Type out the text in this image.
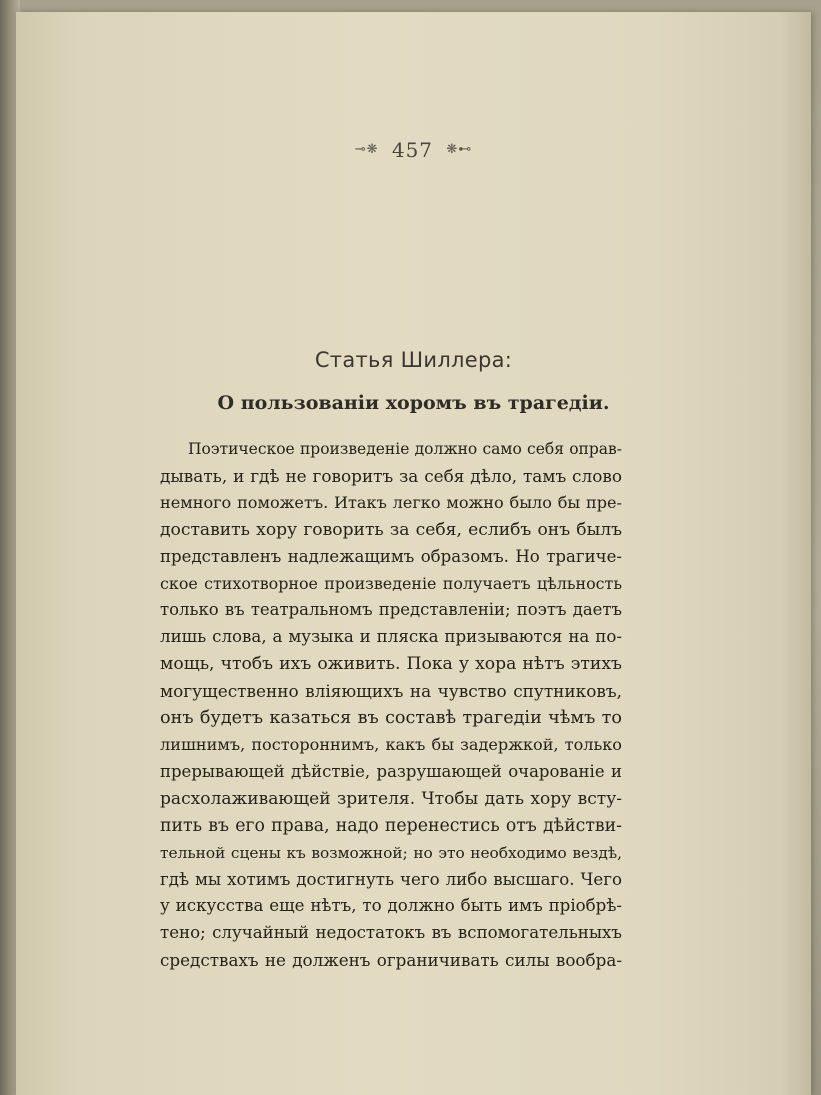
⊸❋ 457 ❋⊷
Статья Шиллера:
О пользованіи хоромъ въ трагедіи.
Поэтическое произведеніе должно само себя оправ-
дывать, и гдѣ не говоритъ за себя дѣло, тамъ слово
немного поможетъ. Итакъ легко можно было бы пре-
доставить хору говорить за себя, еслибъ онъ былъ
представленъ надлежащимъ образомъ. Но трагиче-
ское стихотворное произведеніе получаетъ цѣльность
только въ театральномъ представленіи; поэтъ даетъ
лишь слова, а музыка и пляска призываются на по-
мощь, чтобъ ихъ оживить. Пока у хора нѣтъ этихъ
могущественно вліяющихъ на чувство спутниковъ,
онъ будетъ казаться въ составѣ трагедіи чѣмъ то
лишнимъ, постороннимъ, какъ бы задержкой, только
прерывающей дѣйствіе, разрушающей очарованіе и
расхолаживающей зрителя. Чтобы дать хору всту-
пить въ его права, надо перенестись отъ дѣйстви-
тельной сцены къ возможной; но это необходимо вездѣ,
гдѣ мы хотимъ достигнуть чего либо высшаго. Чего
у искусства еще нѣтъ, то должно быть имъ пріобрѣ-
тено; случайный недостатокъ въ вспомогательныхъ
средствахъ не долженъ ограничивать силы вообра-
